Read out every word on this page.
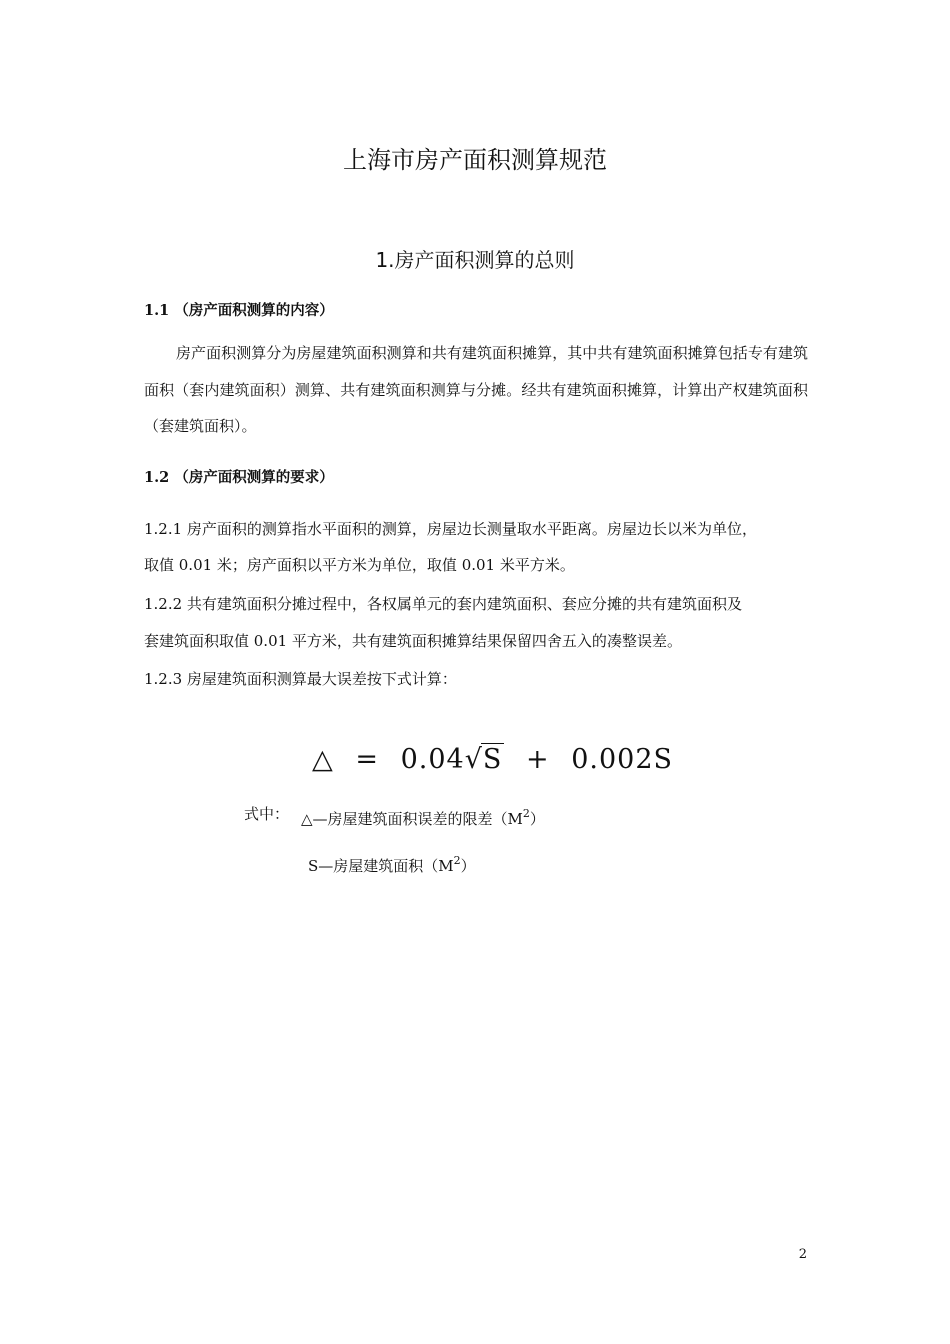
上海市房产面积测算规范
1.房产面积测算的总则
1.1 （房产面积测算的内容）
房产面积测算分为房屋建筑面积测算和共有建筑面积摊算，其中共有建筑面积摊算包括专有建筑面积（套内建筑面积）测算、共有建筑面积测算与分摊。经共有建筑面积摊算，计算出产权建筑面积（套建筑面积）。
1.2 （房产面积测算的要求）
1.2.1 房产面积的测算指水平面积的测算，房屋边长测量取水平距离。房屋边长以米为单位，
取值 0.01 米；房产面积以平方米为单位，取值 0.01 米平方米。
1.2.2 共有建筑面积分摊过程中，各权属单元的套内建筑面积、套应分摊的共有建筑面积及
套建筑面积取值 0.01 平方米，共有建筑面积摊算结果保留四舍五入的凑整误差。
1.2.3 房屋建筑面积测算最大误差按下式计算：
△ = 0.04√S + 0.002S
式中： △—房屋建筑面积误差的限差$(M^2)$
S—房屋建筑面积$(M^2)$
2
